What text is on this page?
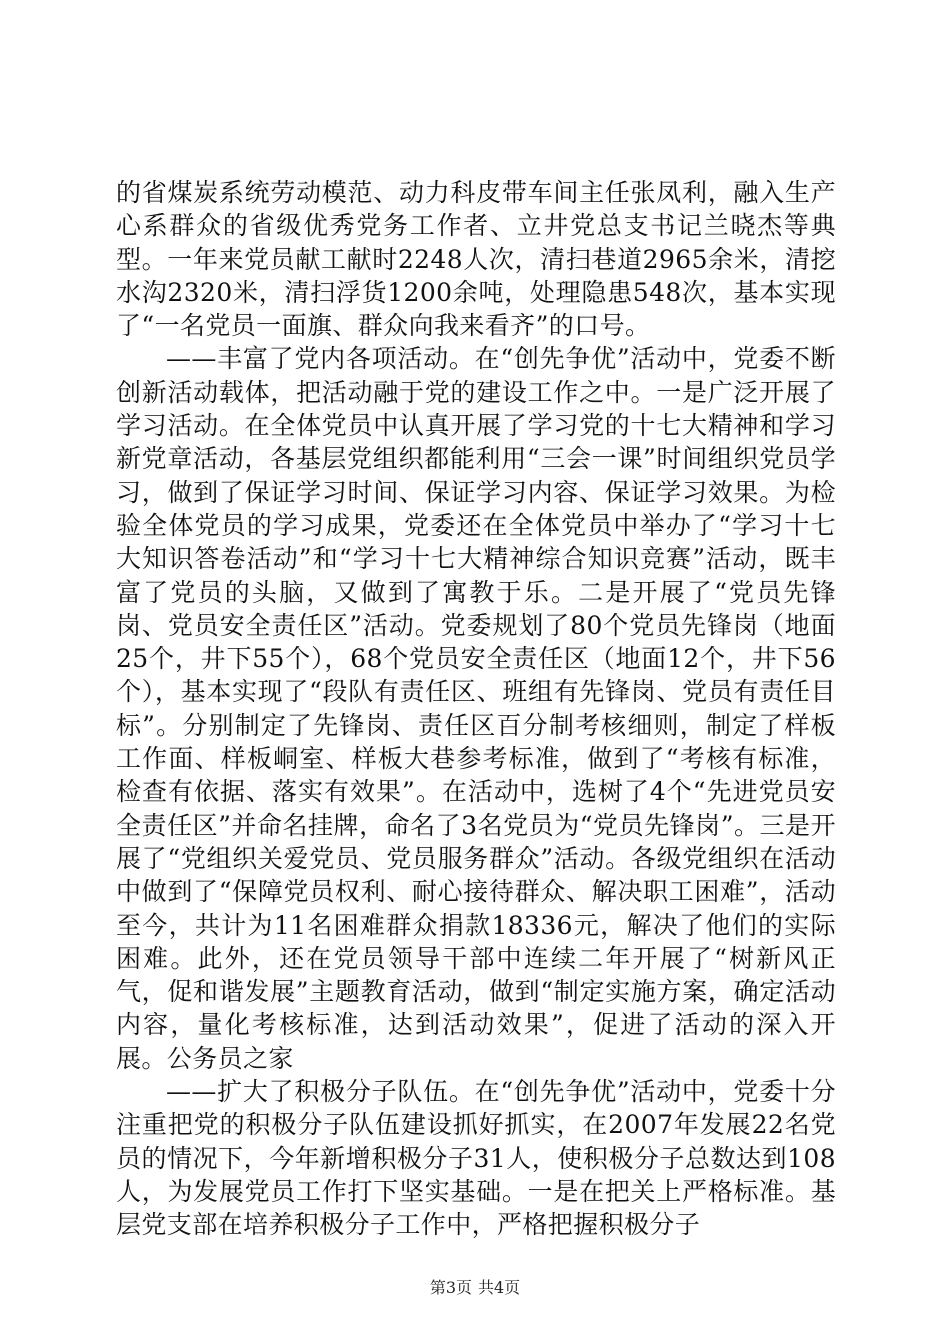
的省煤炭系统劳动模范、动力科皮带车间主任张凤利，融入生产心系群众的省级优秀党务工作者、立井党总支书记兰晓杰等典型。一年来党员献工献时2248人次，清扫巷道2965余米，清挖水沟2320米，清扫浮货1200余吨，处理隐患548次，基本实现了“一名党员一面旗、群众向我来看齐”的口号。

——丰富了党内各项活动。在“创先争优”活动中，党委不断创新活动载体，把活动融于党的建设工作之中。一是广泛开展了学习活动。在全体党员中认真开展了学习党的十七大精神和学习新党章活动，各基层党组织都能利用“三会一课”时间组织党员学习，做到了保证学习时间、保证学习内容、保证学习效果。为检验全体党员的学习成果，党委还在全体党员中举办了“学习十七大知识答卷活动”和“学习十七大精神综合知识竞赛”活动，既丰富了党员的头脑，又做到了寓教于乐。二是开展了“党员先锋岗、党员安全责任区”活动。党委规划了80个党员先锋岗（地面25个，井下55个），68个党员安全责任区（地面12个，井下56个），基本实现了“段队有责任区、班组有先锋岗、党员有责任目标”。分别制定了先锋岗、责任区百分制考核细则，制定了样板工作面、样板峒室、样板大巷参考标准，做到了“考核有标准，检查有依据、落实有效果”。在活动中，选树了4个“先进党员安全责任区”并命名挂牌，命名了3名党员为“党员先锋岗”。三是开展了“党组织关爱党员、党员服务群众”活动。各级党组织在活动中做到了“保障党员权利、耐心接待群众、解决职工困难”，活动至今，共计为11名困难群众捐款18336元，解决了他们的实际困难。此外，还在党员领导干部中连续二年开展了“树新风正气，促和谐发展”主题教育活动，做到“制定实施方案，确定活动内容，量化考核标准，达到活动效果”，促进了活动的深入开展。公务员之家

——扩大了积极分子队伍。在“创先争优”活动中，党委十分注重把党的积极分子队伍建设抓好抓实，在2007年发展22名党员的情况下，今年新增积极分子31人，使积极分子总数达到108人，为发展党员工作打下坚实基础。一是在把关上严格标准。基层党支部在培养积极分子工作中，严格把握积极分子

第3页 共4页
